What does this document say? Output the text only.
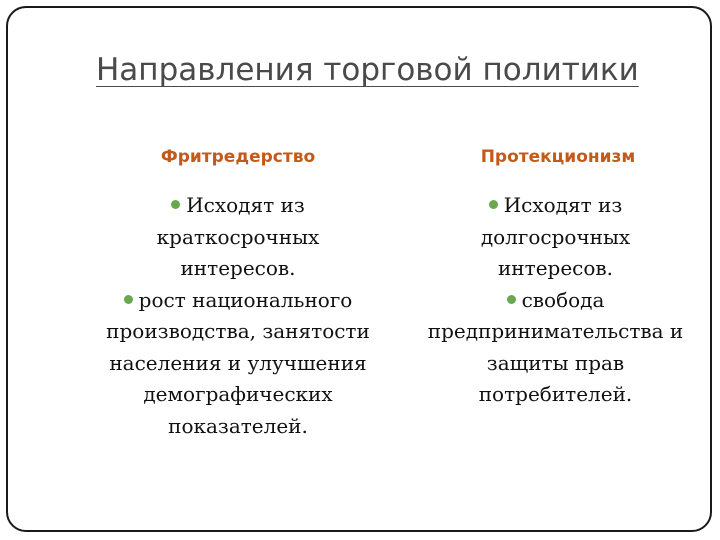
Направления торговой политики
Фритредерство
Исходят из краткосрочных интересов.
рост национального производства, занятости населения и улучшения демографических показателей.
Протекционизм
Исходят из долгосрочных интересов.
свобода предпринимательства и защиты прав потребителей.
